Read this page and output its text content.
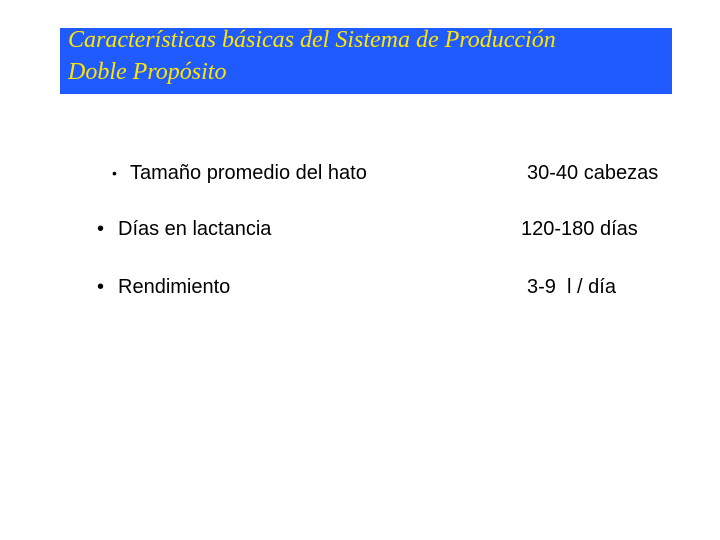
Características básicas del Sistema de Producción
Doble Propósito
• Tamaño promedio del hato	30-40 cabezas
• Días en lactancia	120-180 días
• Rendimiento	3-9  l / día
